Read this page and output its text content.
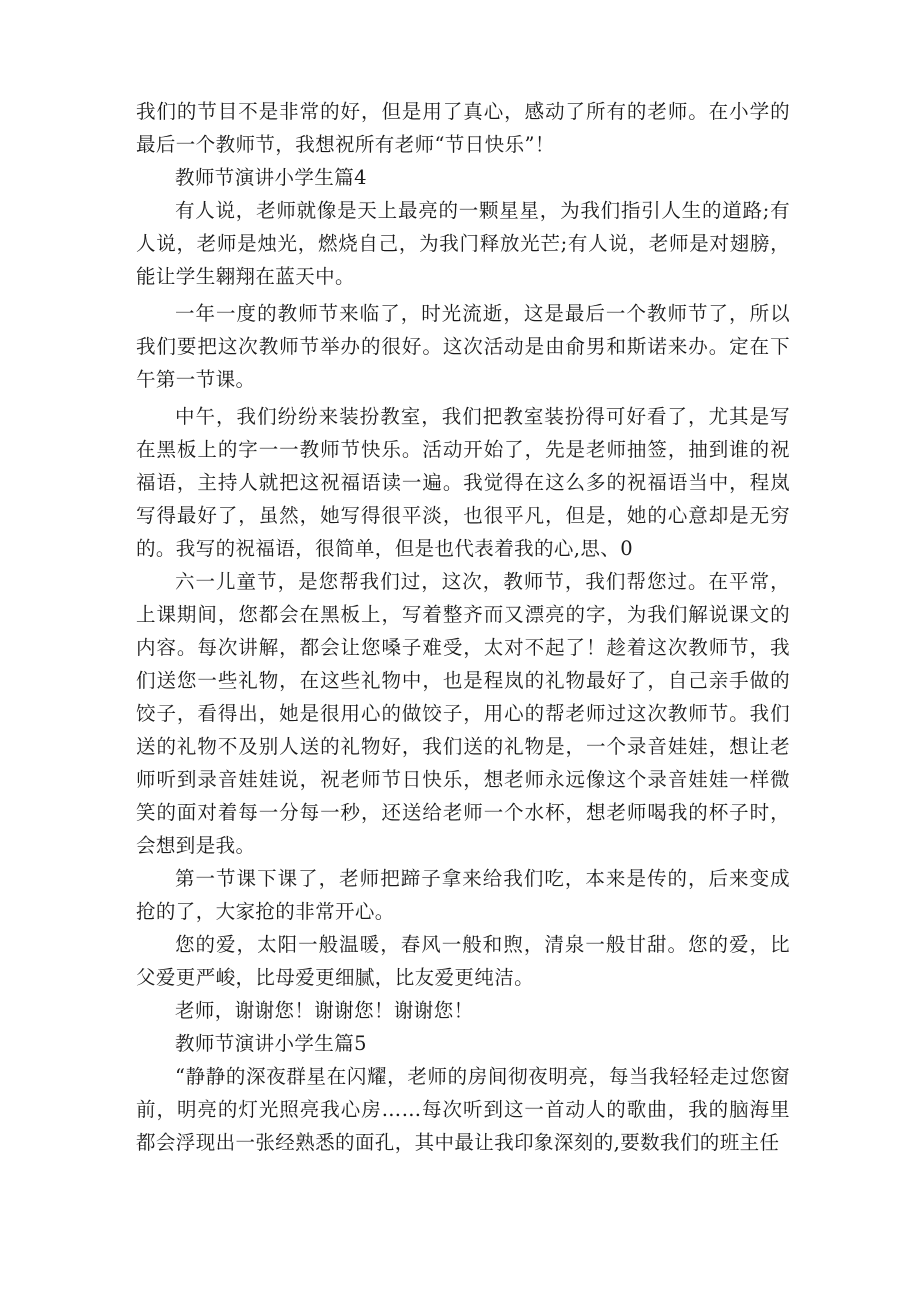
我们的节目不是非常的好，但是用了真心，感动了所有的老师。在小学的最后一个教师节，我想祝所有老师“节日快乐”！

教师节演讲小学生篇4

有人说，老师就像是天上最亮的一颗星星，为我们指引人生的道路;有人说，老师是烛光，燃烧自己，为我门释放光芒;有人说，老师是对翅膀，能让学生翱翔在蓝天中。

一年一度的教师节来临了，时光流逝，这是最后一个教师节了，所以我们要把这次教师节举办的很好。这次活动是由俞男和斯诺来办。定在下午第一节课。

中午，我们纷纷来装扮教室，我们把教室装扮得可好看了，尤其是写在黑板上的字一一教师节快乐。活动开始了，先是老师抽签，抽到谁的祝福语，主持人就把这祝福语读一遍。我觉得在这么多的祝福语当中，程岚写得最好了，虽然，她写得很平淡，也很平凡，但是，她的心意却是无穷的。我写的祝福语，很简单，但是也代表着我的心,思、0

六一儿童节，是您帮我们过，这次，教师节，我们帮您过。在平常，上课期间，您都会在黑板上，写着整齐而又漂亮的字，为我们解说课文的内容。每次讲解，都会让您嗓子难受，太对不起了！趁着这次教师节，我们送您一些礼物，在这些礼物中，也是程岚的礼物最好了，自己亲手做的饺子，看得出，她是很用心的做饺子，用心的帮老师过这次教师节。我们送的礼物不及别人送的礼物好，我们送的礼物是，一个录音娃娃，想让老师听到录音娃娃说，祝老师节日快乐，想老师永远像这个录音娃娃一样微笑的面对着每一分每一秒，还送给老师一个水杯，想老师喝我的杯子时，会想到是我。

第一节课下课了，老师把蹄子拿来给我们吃，本来是传的，后来变成抢的了，大家抢的非常开心。

您的爱，太阳一般温暖，春风一般和煦，清泉一般甘甜。您的爱，比父爱更严峻，比母爱更细腻，比友爱更纯洁。

老师，谢谢您！谢谢您！谢谢您！

教师节演讲小学生篇5

“静静的深夜群星在闪耀，老师的房间彻夜明亮，每当我轻轻走过您窗前，明亮的灯光照亮我心房……每次听到这一首动人的歌曲，我的脑海里都会浮现出一张经熟悉的面孔，其中最让我印象深刻的,要数我们的班主任
